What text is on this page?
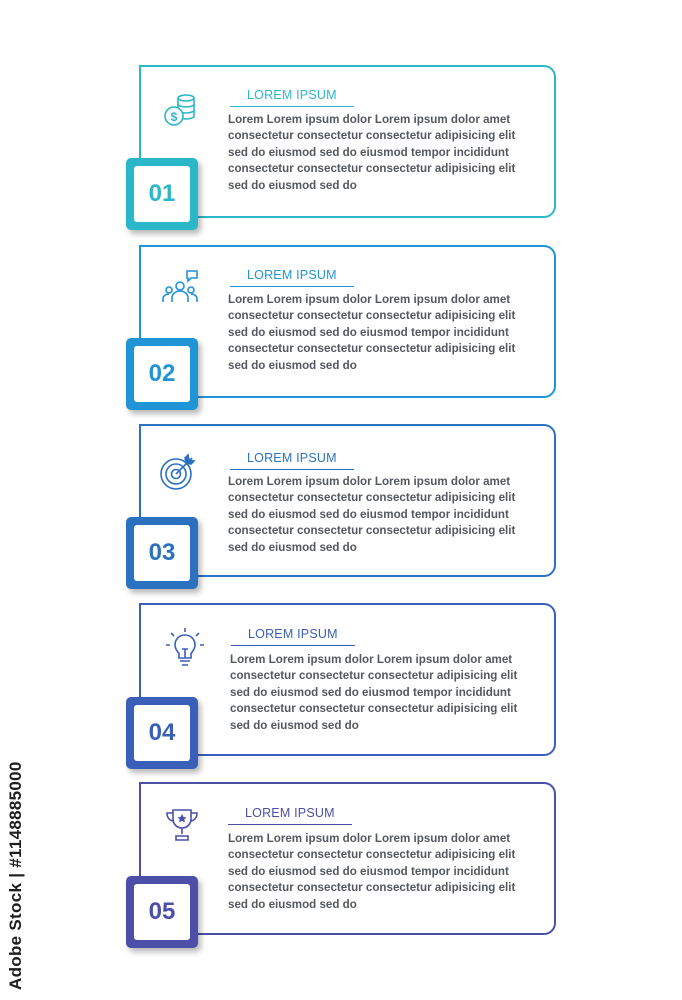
$
LOREM IPSUM
Lorem Lorem ipsum dolor Lorem ipsum dolor amet
consectetur consectetur consectetur adipisicing elit
sed do eiusmod sed do eiusmod tempor incididunt
consectetur consectetur consectetur adipisicing elit
sed do eiusmod sed do
01
LOREM IPSUM
Lorem Lorem ipsum dolor Lorem ipsum dolor amet
consectetur consectetur consectetur adipisicing elit
sed do eiusmod sed do eiusmod tempor incididunt
consectetur consectetur consectetur adipisicing elit
sed do eiusmod sed do
02
LOREM IPSUM
Lorem Lorem ipsum dolor Lorem ipsum dolor amet
consectetur consectetur consectetur adipisicing elit
sed do eiusmod sed do eiusmod tempor incididunt
consectetur consectetur consectetur adipisicing elit
sed do eiusmod sed do
03
LOREM IPSUM
Lorem Lorem ipsum dolor Lorem ipsum dolor amet
consectetur consectetur consectetur adipisicing elit
sed do eiusmod sed do eiusmod tempor incididunt
consectetur consectetur consectetur adipisicing elit
sed do eiusmod sed do
04
LOREM IPSUM
Lorem Lorem ipsum dolor Lorem ipsum dolor amet
consectetur consectetur consectetur adipisicing elit
sed do eiusmod sed do eiusmod tempor incididunt
consectetur consectetur consectetur adipisicing elit
sed do eiusmod sed do
05
Adobe Stock | #1148885000
